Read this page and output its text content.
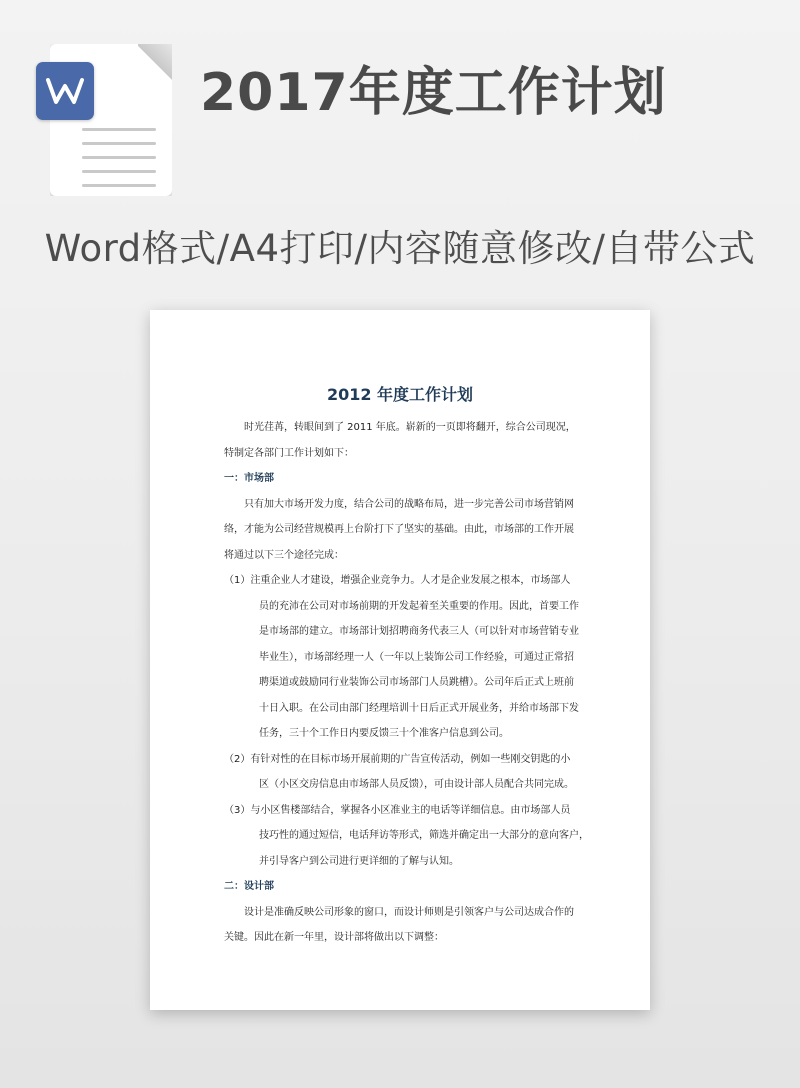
2017年度工作计划
Word格式/A4打印/内容随意修改/自带公式
2012 年度工作计划

时光荏苒，转眼间到了 2011 年底。崭新的一页即将翻开，综合公司现况，

特制定各部门工作计划如下：

一：市场部

只有加大市场开发力度，结合公司的战略布局，进一步完善公司市场营销网

络，才能为公司经营规模再上台阶打下了坚实的基础。由此，市场部的工作开展

将通过以下三个途径完成：

（1）注重企业人才建设，增强企业竞争力。人才是企业发展之根本，市场部人

员的充沛在公司对市场前期的开发起着至关重要的作用。因此，首要工作

是市场部的建立。市场部计划招聘商务代表三人（可以针对市场营销专业

毕业生），市场部经理一人（一年以上装饰公司工作经验，可通过正常招

聘渠道或鼓励同行业装饰公司市场部门人员跳槽）。公司年后正式上班前

十日入职。在公司由部门经理培训十日后正式开展业务，并给市场部下发

任务，三十个工作日内要反馈三十个准客户信息到公司。

（2）有针对性的在目标市场开展前期的广告宣传活动，例如一些刚交钥匙的小

区（小区交房信息由市场部人员反馈），可由设计部人员配合共同完成。

（3）与小区售楼部结合，掌握各小区准业主的电话等详细信息。由市场部人员

技巧性的通过短信，电话拜访等形式，筛选并确定出一大部分的意向客户，

并引导客户到公司进行更详细的了解与认知。

二：设计部

设计是准确反映公司形象的窗口，而设计师则是引领客户与公司达成合作的

关键。因此在新一年里，设计部将做出以下调整：
